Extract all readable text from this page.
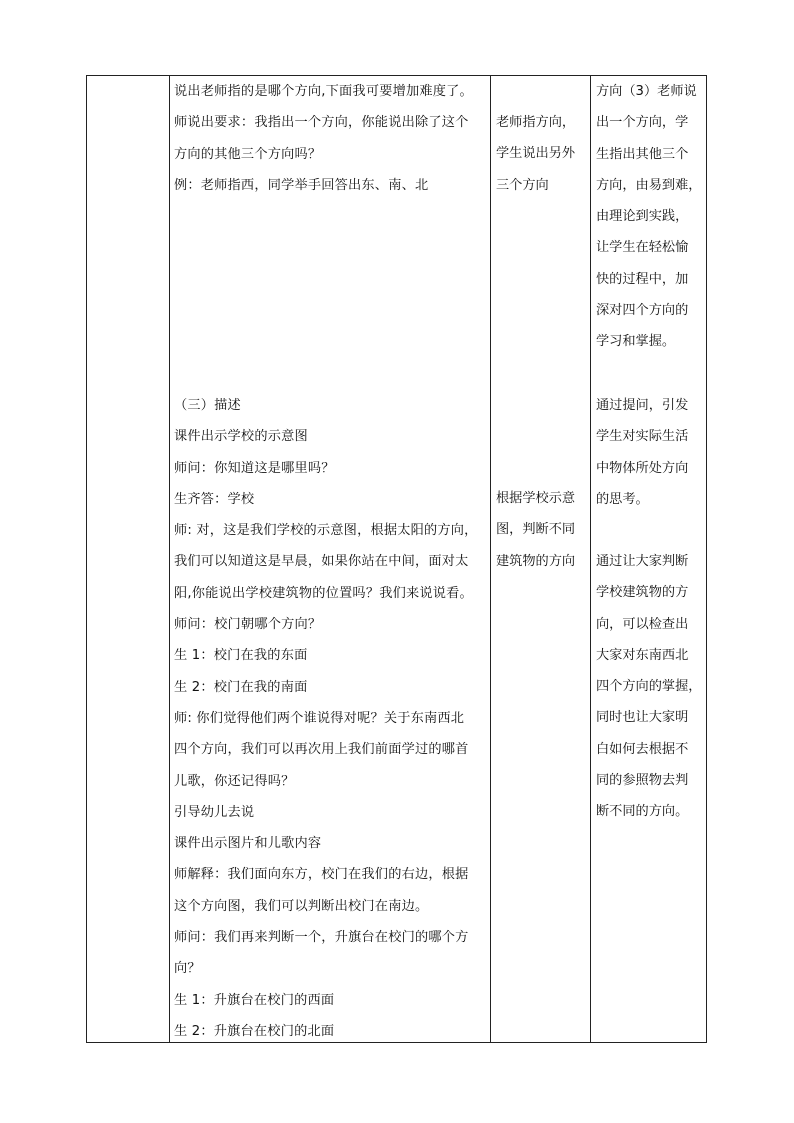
说出老师指的是哪个方向,下面我可要增加难度了。
师说出要求：我指出一个方向，你能说出除了这个
方向的其他三个方向吗？
例：老师指西，同学举手回答出东、南、北
老师指方向，
学生说出另外
三个方向
方向（3）老师说
出一个方向，学
生指出其他三个
方向，由易到难，
由理论到实践，
让学生在轻松愉
快的过程中，加
深对四个方向的
学习和掌握。
（三）描述
课件出示学校的示意图
师问：你知道这是哪里吗？
生齐答：学校
师: 对，这是我们学校的示意图，根据太阳的方向，
我们可以知道这是早晨，如果你站在中间，面对太
阳,你能说出学校建筑物的位置吗？我们来说说看。
师问：校门朝哪个方向？
生 1：校门在我的东面
生 2：校门在我的南面
师: 你们觉得他们两个谁说得对呢？关于东南西北
四个方向，我们可以再次用上我们前面学过的哪首
儿歌，你还记得吗？
引导幼儿去说
课件出示图片和儿歌内容
师解释：我们面向东方，校门在我们的右边，根据
这个方向图，我们可以判断出校门在南边。
师问：我们再来判断一个，升旗台在校门的哪个方
向？
生 1：升旗台在校门的西面
生 2：升旗台在校门的北面
根据学校示意
图，判断不同
建筑物的方向
通过提问，引发
学生对实际生活
中物体所处方向
的思考。
通过让大家判断
学校建筑物的方
向，可以检查出
大家对东南西北
四个方向的掌握，
同时也让大家明
白如何去根据不
同的参照物去判
断不同的方向。
